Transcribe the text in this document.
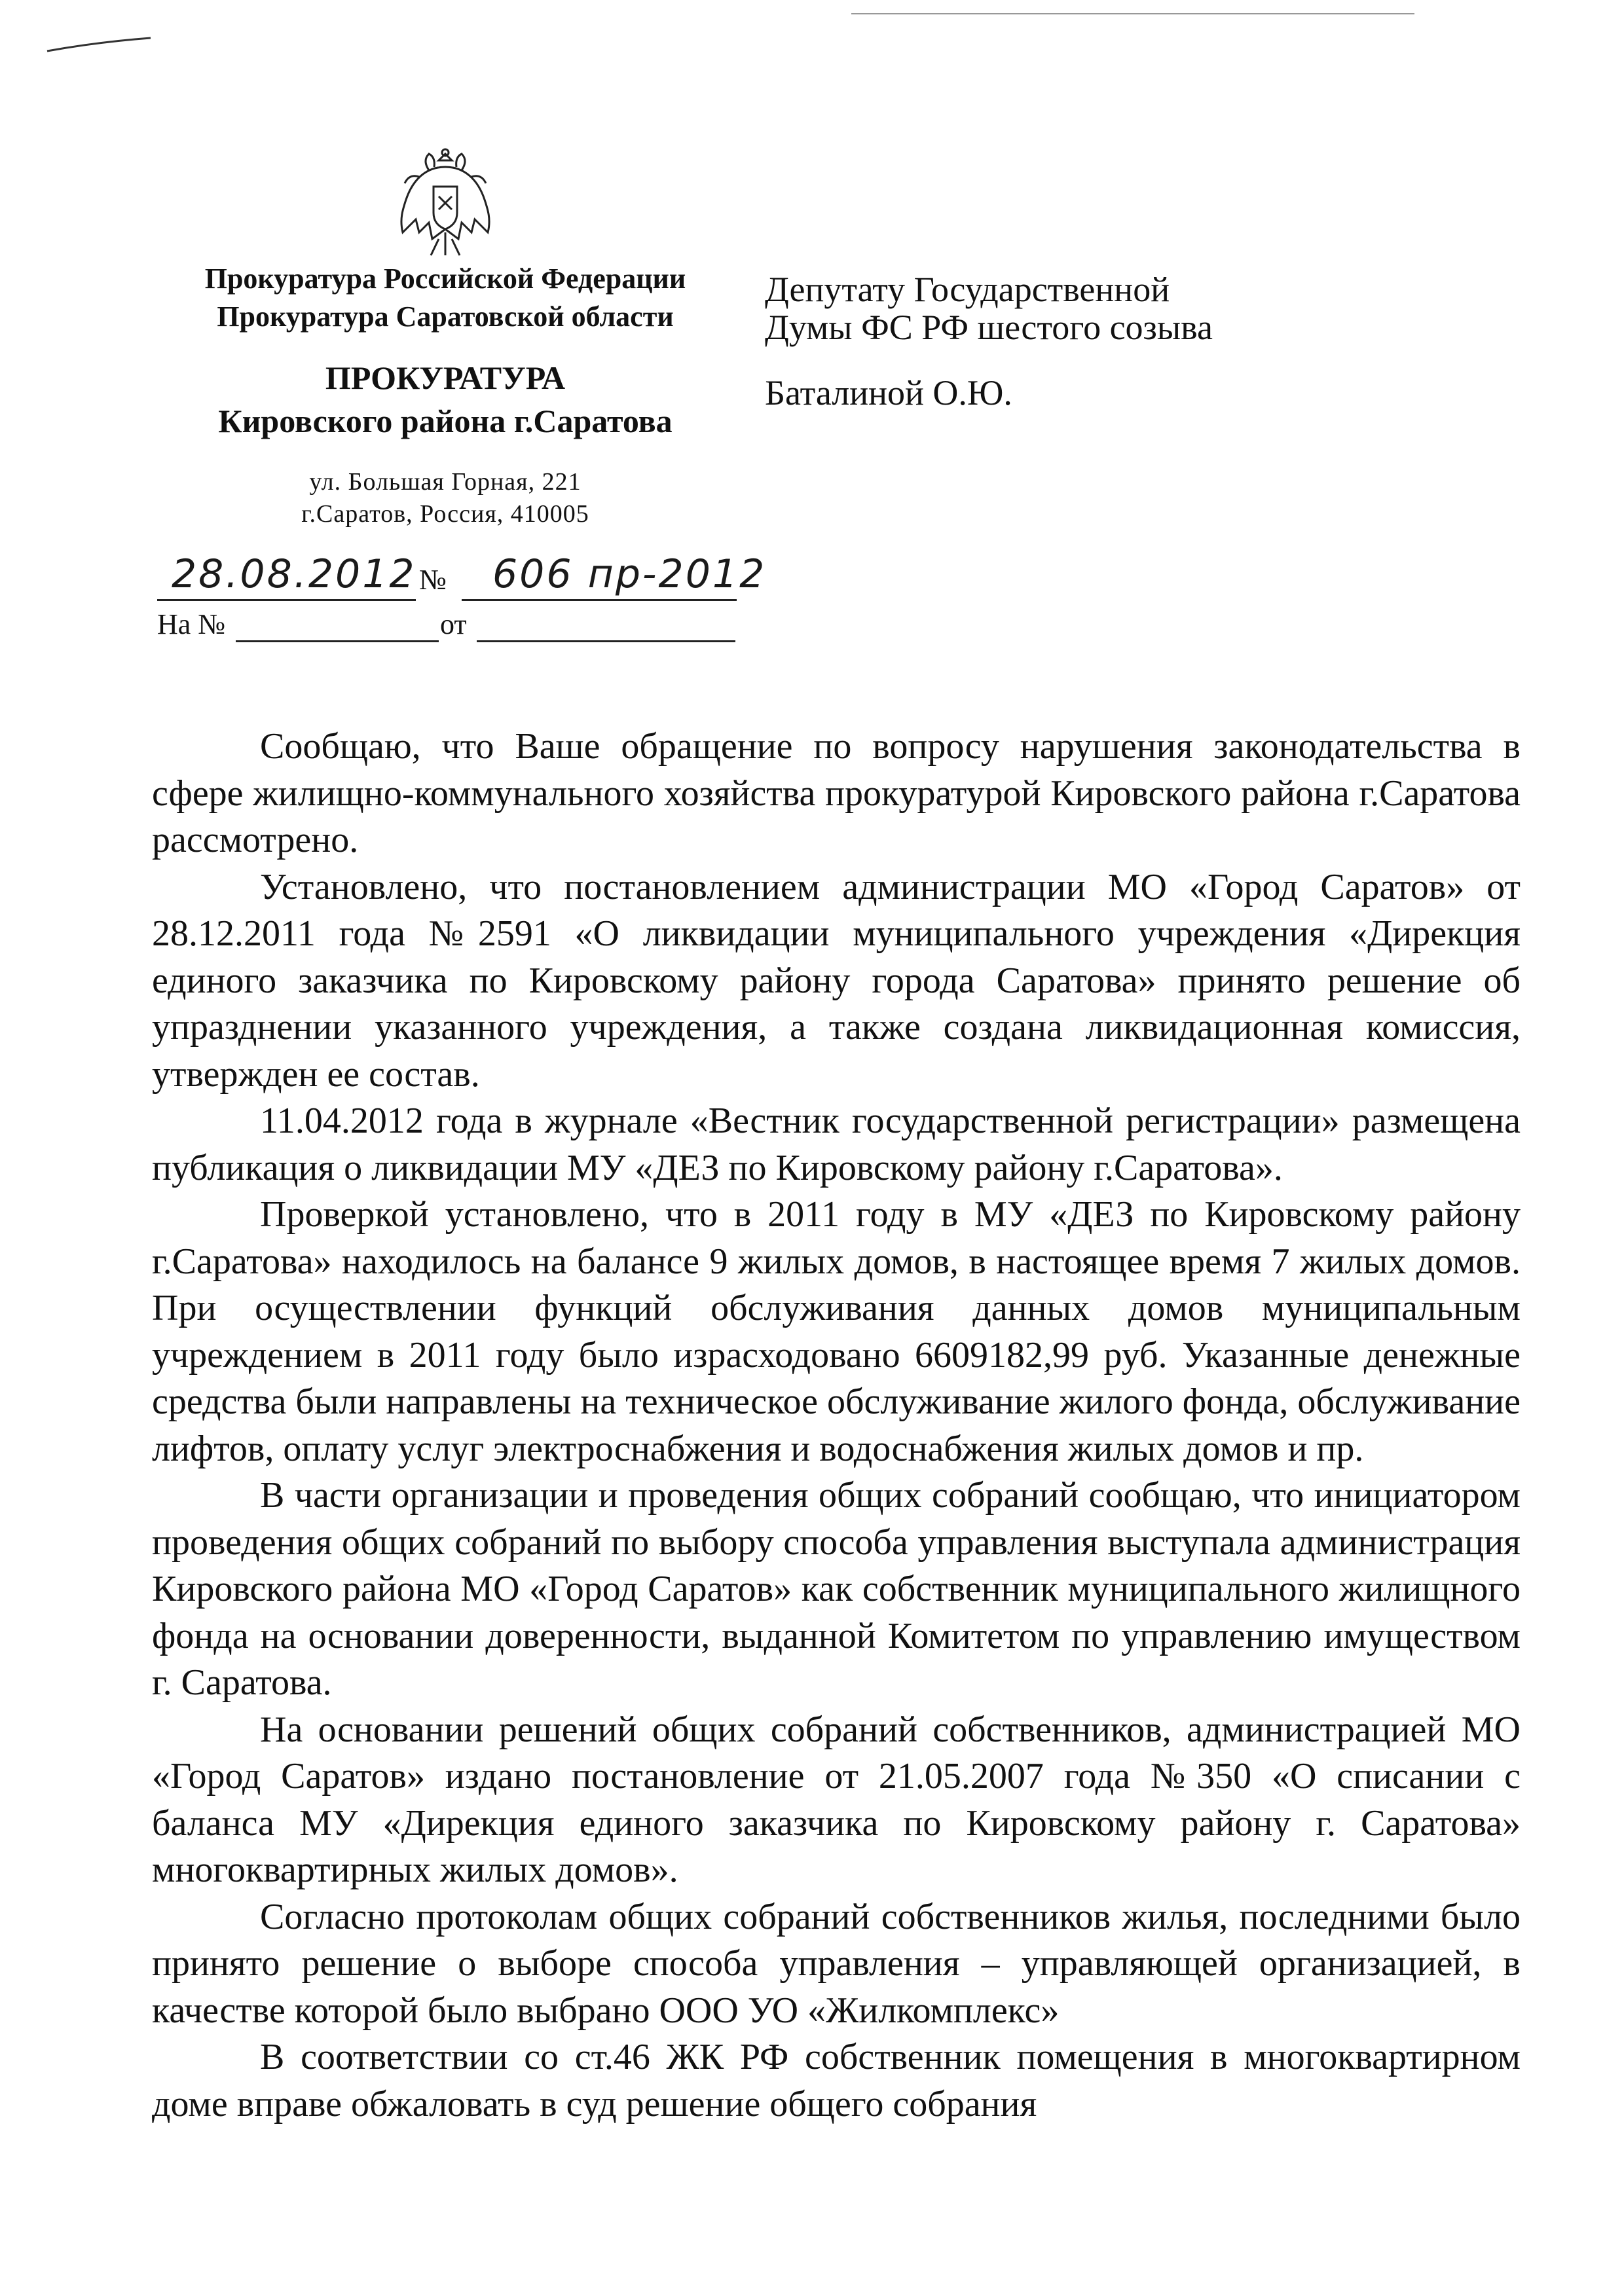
Прокуратура Российской Федерации
Прокуратура Саратовской области
ПРОКУРАТУРА
Кировского района г.Саратова
ул. Большая Горная, 221
г.Саратов, Россия, 410005
28.08.2012 № 606 пр-2012
На №	от
Депутату Государственной
Думы ФС РФ шестого созыва
Баталиной О.Ю.

Сообщаю, что Ваше обращение по вопросу нарушения законодательства в сфере жилищно-коммунального хозяйства прокуратурой Кировского района г.Саратова рассмотрено.

Установлено, что постановлением администрации МО «Город Саратов» от 28.12.2011 года №2591 «О ликвидации муниципального учреждения «Дирекция единого заказчика по Кировскому району города Саратова» принято решение об упразднении указанного учреждения, а также создана ликвидационная комиссия, утвержден ее состав.

11.04.2012 года в журнале «Вестник государственной регистрации» размещена публикация о ликвидации МУ «ДЕЗ по Кировскому району г.Саратова».

Проверкой установлено, что в 2011 году в МУ «ДЕЗ по Кировскому району г.Саратова» находилось на балансе 9 жилых домов, в настоящее время 7 жилых домов. При осуществлении функций обслуживания данных домов муниципальным учреждением в 2011 году было израсходовано 6609182,99 руб. Указанные денежные средства были направлены на техническое обслуживание жилого фонда, обслуживание лифтов, оплату услуг электроснабжения и водоснабжения жилых домов и пр.

В части организации и проведения общих собраний сообщаю, что инициатором проведения общих собраний по выбору способа управления выступала администрация Кировского района МО «Город Саратов» как собственник муниципального жилищного фонда на основании доверенности, выданной Комитетом по управлению имуществом г. Саратова.

На основании решений общих собраний собственников, администрацией МО «Город Саратов» издано постановление от 21.05.2007 года №350 «О списании с баланса МУ «Дирекция единого заказчика по Кировскому району г. Саратова» многоквартирных жилых домов».

Согласно протоколам общих собраний собственников жилья, последними было принято решение о выборе способа управления – управляющей организацией, в качестве которой было выбрано ООО УО «Жилкомплекс»

В соответствии со ст.46 ЖК РФ собственник помещения в многоквартирном доме вправе обжаловать в суд решение общего собрания
